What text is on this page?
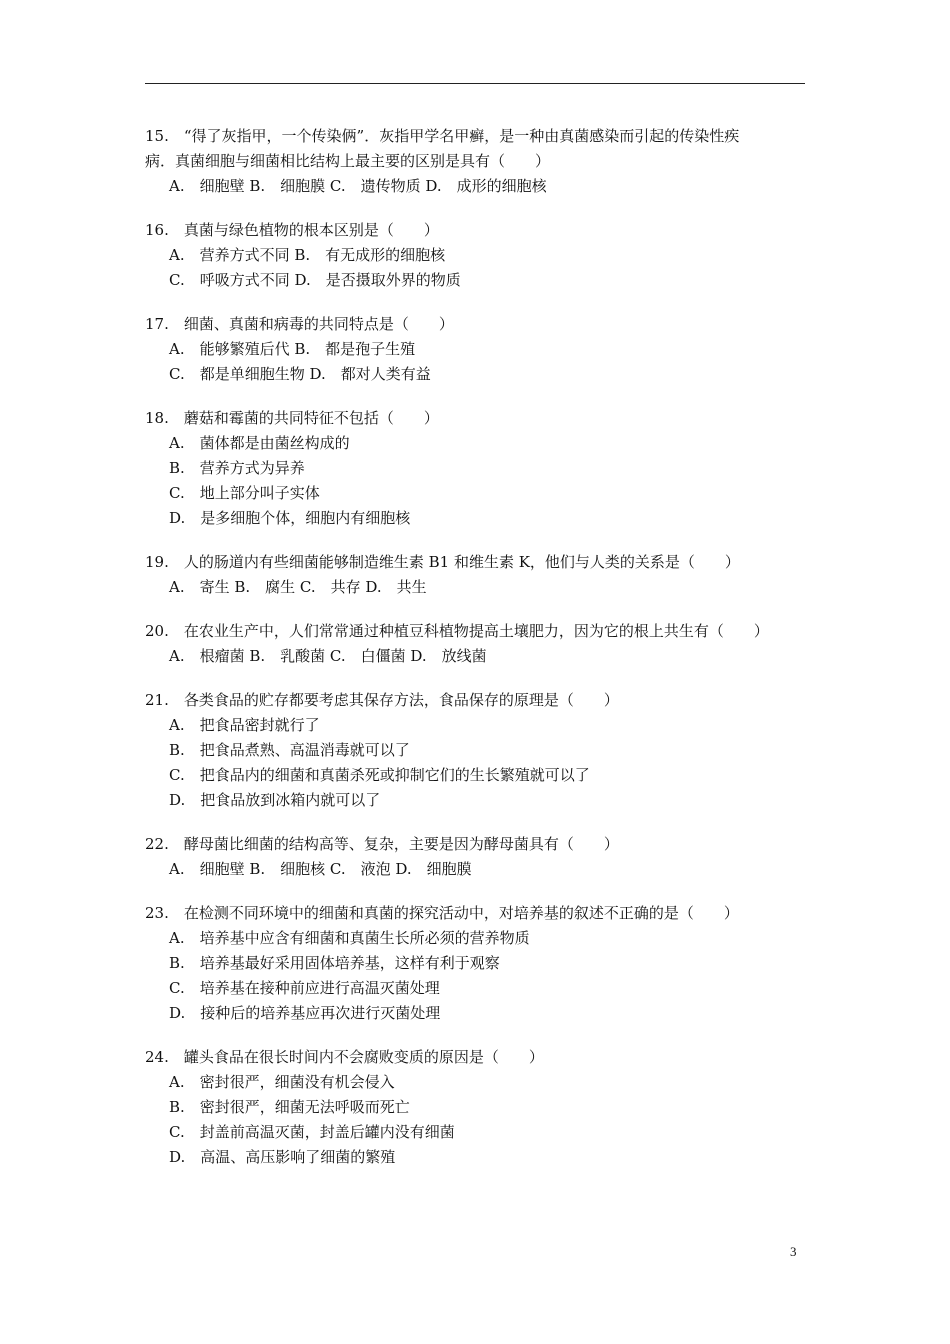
15.　“得了灰指甲，一个传染俩”．灰指甲学名甲癣，是一种由真菌感染而引起的传染性疾
病．真菌细胞与细菌相比结构上最主要的区别是具有（　　）
A.　细胞壁 B.　细胞膜 C.　遗传物质 D.　成形的细胞核
16.　真菌与绿色植物的根本区别是（　　）
A.　营养方式不同 B.　有无成形的细胞核
C.　呼吸方式不同 D.　是否摄取外界的物质
17.　细菌、真菌和病毒的共同特点是（　　）
A.　能够繁殖后代 B.　都是孢子生殖
C.　都是单细胞生物 D.　都对人类有益
18.　蘑菇和霉菌的共同特征不包括（　　）
A.　菌体都是由菌丝构成的
B.　营养方式为异养
C.　地上部分叫子实体
D.　是多细胞个体，细胞内有细胞核
19.　人的肠道内有些细菌能够制造维生素 B1 和维生素 K，他们与人类的关系是（　　）
A.　寄生 B.　腐生 C.　共存 D.　共生
20.　在农业生产中，人们常常通过种植豆科植物提高土壤肥力，因为它的根上共生有（　　）
A.　根瘤菌 B.　乳酸菌 C.　白僵菌 D.　放线菌
21.　各类食品的贮存都要考虑其保存方法，食品保存的原理是（　　）
A.　把食品密封就行了
B.　把食品煮熟、高温消毒就可以了
C.　把食品内的细菌和真菌杀死或抑制它们的生长繁殖就可以了
D.　把食品放到冰箱内就可以了
22.　酵母菌比细菌的结构高等、复杂，主要是因为酵母菌具有（　　）
A.　细胞壁 B.　细胞核 C.　液泡 D.　细胞膜
23.　在检测不同环境中的细菌和真菌的探究活动中，对培养基的叙述不正确的是（　　）
A.　培养基中应含有细菌和真菌生长所必须的营养物质
B.　培养基最好采用固体培养基，这样有利于观察
C.　培养基在接种前应进行高温灭菌处理
D.　接种后的培养基应再次进行灭菌处理
24.　罐头食品在很长时间内不会腐败变质的原因是（　　）
A.　密封很严，细菌没有机会侵入
B.　密封很严，细菌无法呼吸而死亡
C.　封盖前高温灭菌，封盖后罐内没有细菌
D.　高温、高压影响了细菌的繁殖
3
